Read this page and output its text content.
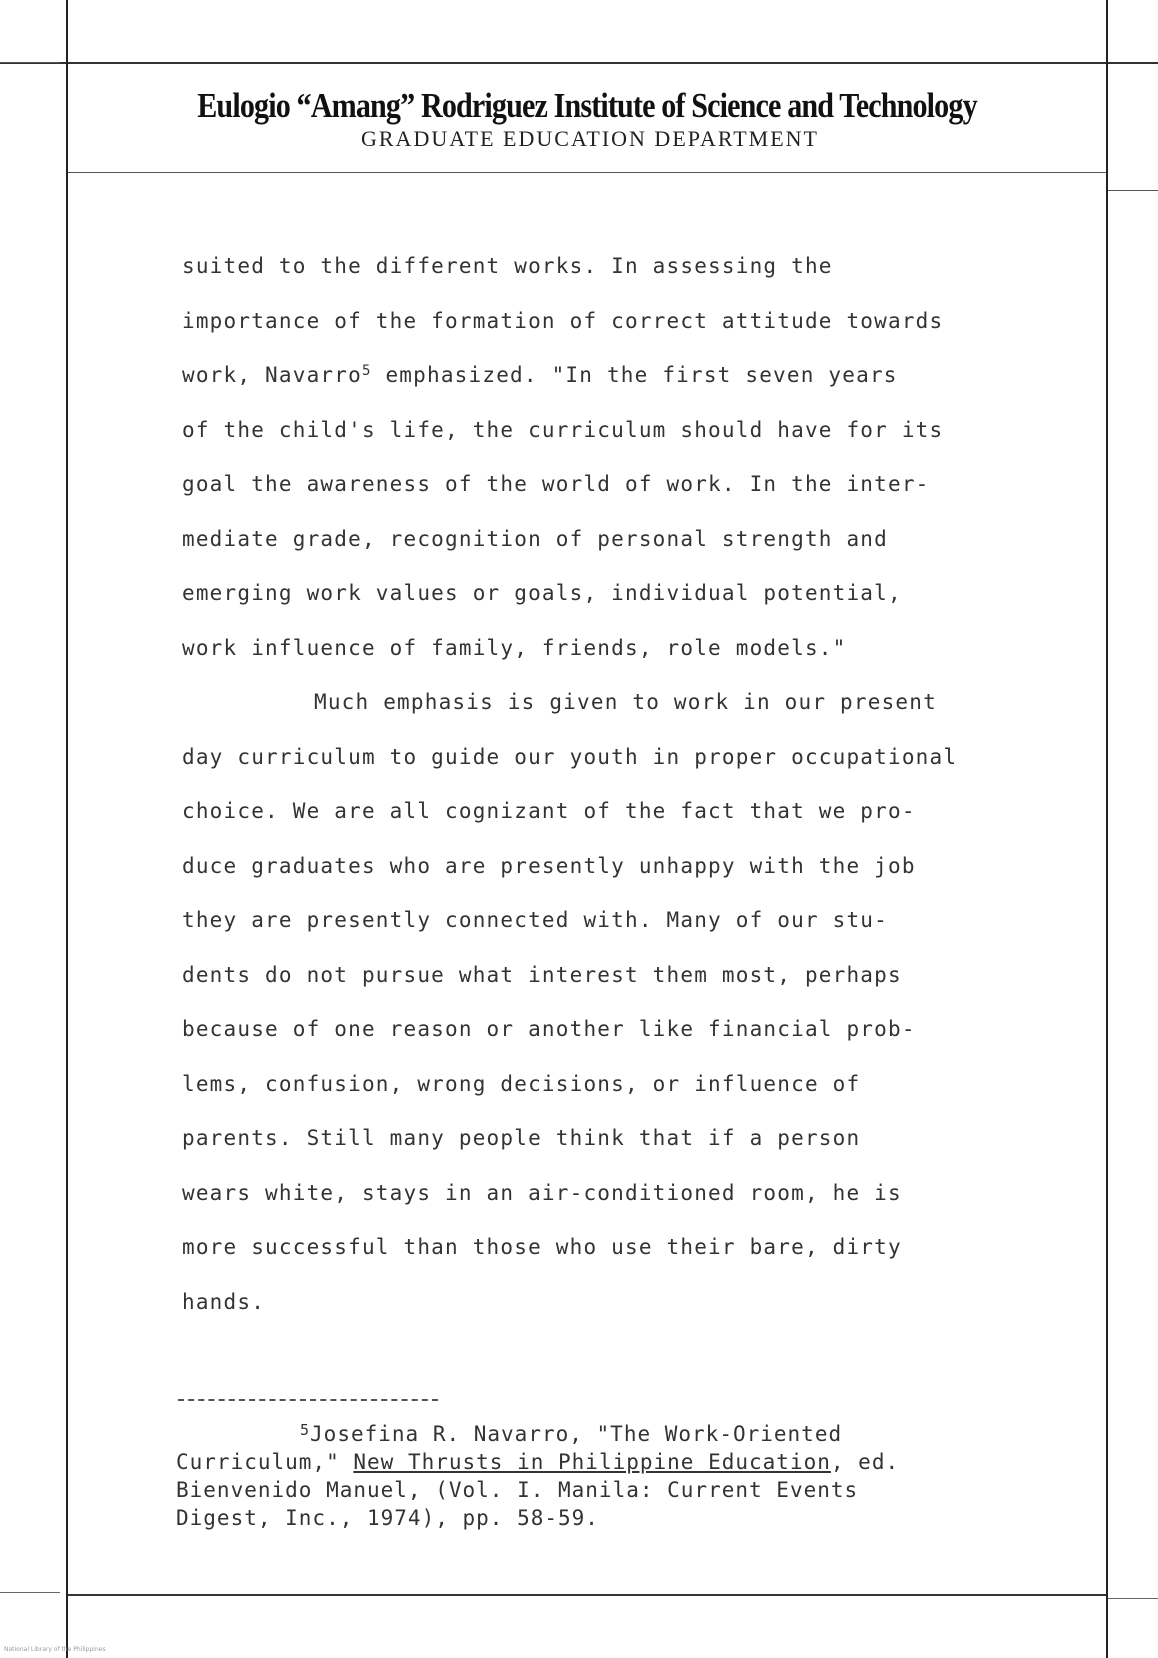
Eulogio “Amang” Rodriguez Institute of Science and Technology
GRADUATE EDUCATION DEPARTMENT
suited to the different works. In assessing the
importance of the formation of correct attitude towards
work, Navarro$^5$ emphasized. "In the first seven years
of the child's life, the curriculum should have for its
goal the awareness of the world of work. In the inter-
mediate grade, recognition of personal strength and
emerging work values or goals, individual potential,
work influence of family, friends, role models."
Much emphasis is given to work in our present
day curriculum to guide our youth in proper occupational
choice. We are all cognizant of the fact that we pro-
duce graduates who are presently unhappy with the job
they are presently connected with. Many of our stu-
dents do not pursue what interest them most, perhaps
because of one reason or another like financial prob-
lems, confusion, wrong decisions, or influence of
parents. Still many people think that if a person
wears white, stays in an air-conditioned room, he is
more successful than those who use their bare, dirty
hands.
$^5$Josefina R. Navarro, "The Work-Oriented
Curriculum," New Thrusts in Philippine Education, ed.
Bienvenido Manuel, (Vol. I. Manila: Current Events
Digest, Inc., 1974), pp. 58-59.
National Library of the Philippines
